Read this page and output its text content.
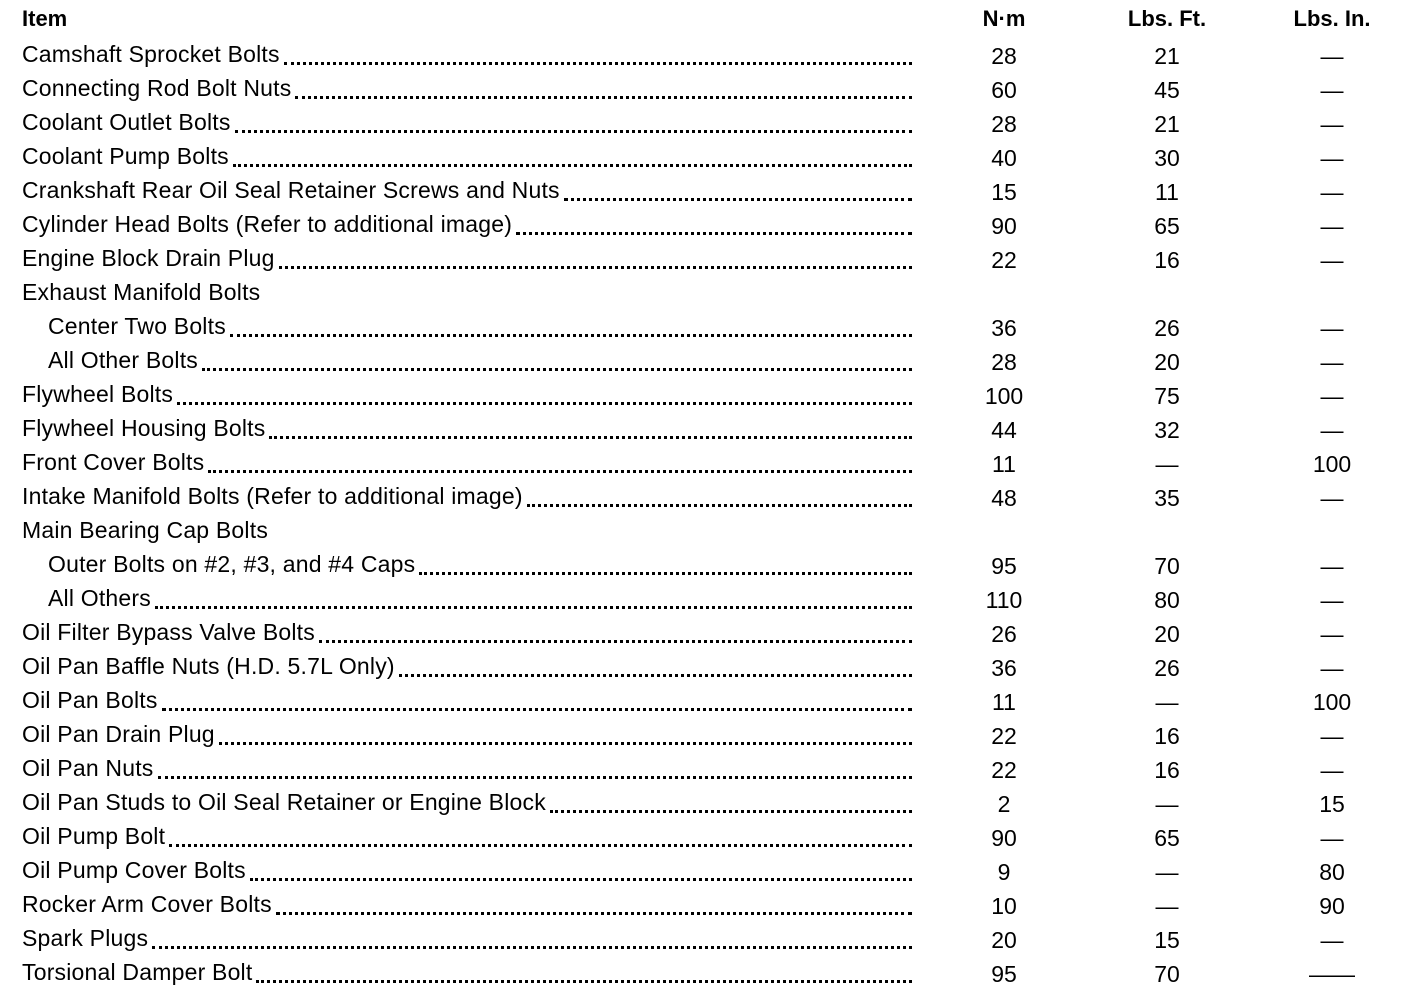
Item	N·m	Lbs. Ft.	Lbs. In.
Camshaft Sprocket Bolts	28	21	—
Connecting Rod Bolt Nuts	60	45	—
Coolant Outlet Bolts	28	21	—
Coolant Pump Bolts	40	30	—
Crankshaft Rear Oil Seal Retainer Screws and Nuts	15	11	—
Cylinder Head Bolts (Refer to additional image)	90	65	—
Engine Block Drain Plug	22	16	—
Exhaust Manifold Bolts
Center Two Bolts	36	26	—
All Other Bolts	28	20	—
Flywheel Bolts	100	75	—
Flywheel Housing Bolts	44	32	—
Front Cover Bolts	11	—	100
Intake Manifold Bolts (Refer to additional image)	48	35	—
Main Bearing Cap Bolts
Outer Bolts on #2, #3, and #4 Caps	95	70	—
All Others	110	80	—
Oil Filter Bypass Valve Bolts	26	20	—
Oil Pan Baffle Nuts (H.D. 5.7L Only)	36	26	—
Oil Pan Bolts	11	—	100
Oil Pan Drain Plug	22	16	—
Oil Pan Nuts	22	16	—
Oil Pan Studs to Oil Seal Retainer or Engine Block	2	—	15
Oil Pump Bolt	90	65	—
Oil Pump Cover Bolts	9	—	80
Rocker Arm Cover Bolts	10	—	90
Spark Plugs	20	15	—
Torsional Damper Bolt	95	70	——
